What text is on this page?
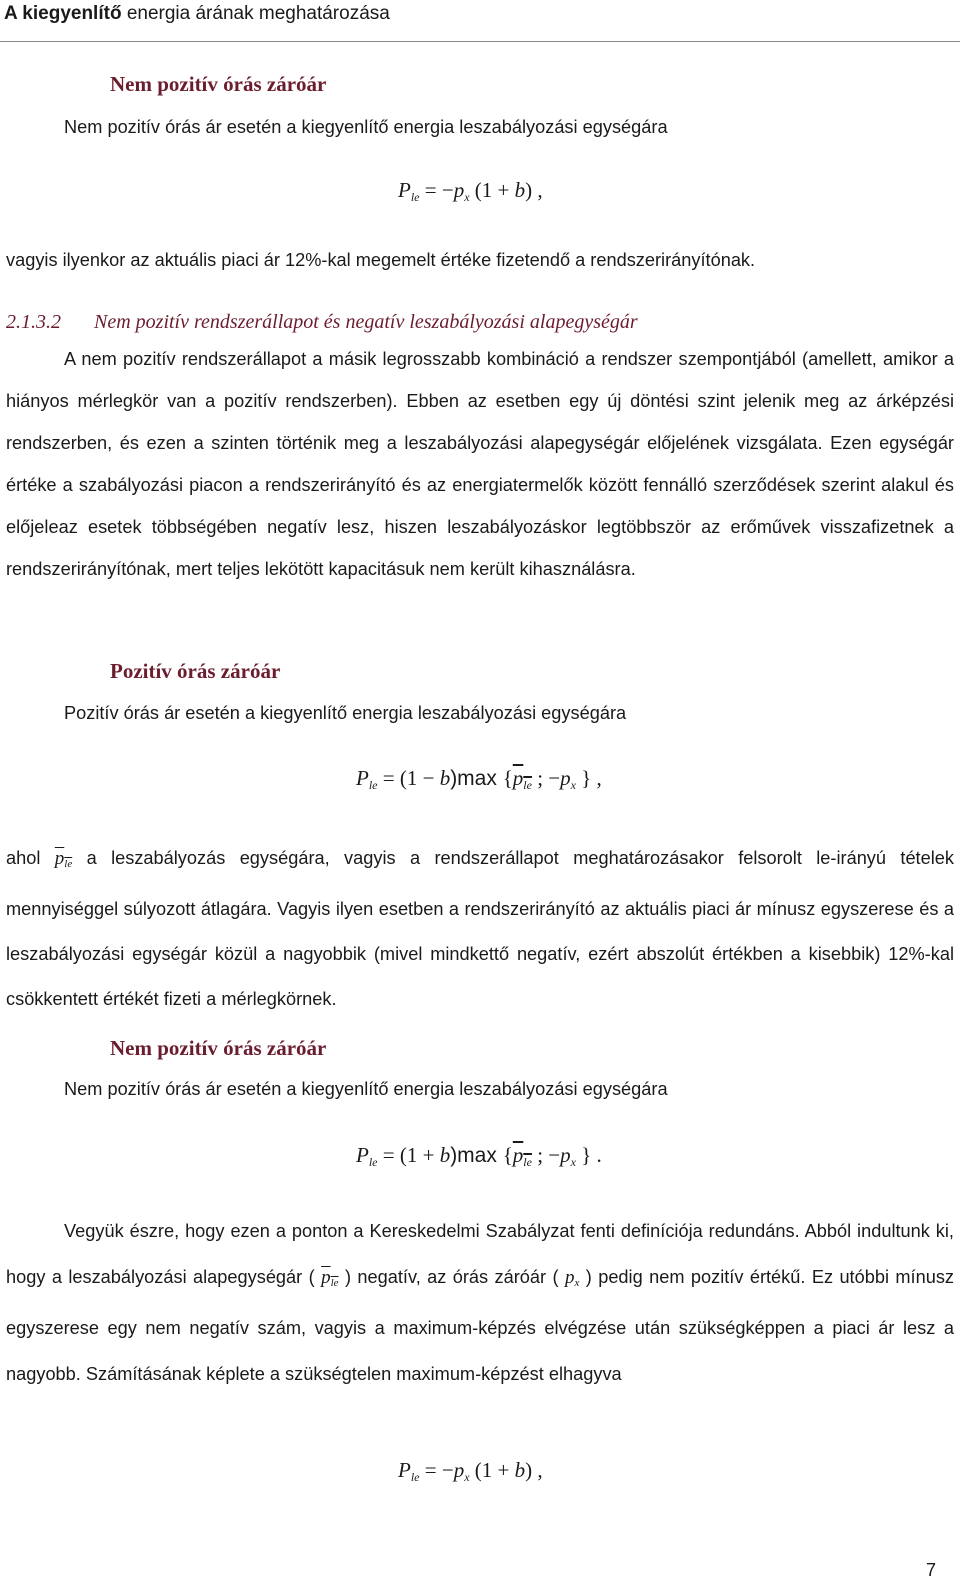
A kiegyenlítő energia árának meghatározása
Nem pozitív órás záróár
Nem pozitív órás ár esetén a kiegyenlítő energia leszabályozási egységára
$P_{le} = -p_x$ (1 + b) ,
vagyis ilyenkor az aktuális piaci ár 12%-kal megemelt értéke fizetendő a rendszerirányítónak.
2.1.3.2 Nem pozitív rendszerállapot és negatív leszabályozási alapegységár

A nem pozitív rendszerállapot a másik legrosszabb kombináció a rendszer szempontjából (amellett, amikor a hiányos mérlegkör van a pozitív rendszerben). Ebben az esetben egy új döntési szint jelenik meg az árképzési rendszerben, és ezen a szinten történik meg a leszabályozási alapegységár előjelének vizsgálata. Ezen egységár értéke a szabályozási piacon a rendszerirányító és az energiatermelők között fennálló szerződések szerint alakul és előjeleaz esetek többségében negatív lesz, hiszen leszabályozáskor legtöbbször az erőművek visszafizetnek a rendszerirányítónak, mert teljes lekötött kapacitásuk nem került kihasználásra.

Pozitív órás záróár
Pozitív órás ár esetén a kiegyenlítő energia leszabályozási egységára
$P_{le} = (1 - b)\max$ {$p_{le}$ ; $-p_x$ } ,

ahol $p_{le}$ a leszabályozás egységára, vagyis a rendszerállapot meghatározásakor felsorolt le-irányú tételek mennyiséggel súlyozott átlagára. Vagyis ilyen esetben a rendszerirányító az aktuális piaci ár mínusz egyszerese és a leszabályozási egységár közül a nagyobbik (mivel mindkettő negatív, ezért abszolút értékben a kisebbik) 12%-kal csökkentett értékét fizeti a mérlegkörnek.

Nem pozitív órás záróár
Nem pozitív órás ár esetén a kiegyenlítő energia leszabályozási egységára
$P_{le} = (1 + b)\max$ {$p_{le}$ ; $-p_x$ } .

Vegyük észre, hogy ezen a ponton a Kereskedelmi Szabályzat fenti definíciója redundáns. Abból indultunk ki, hogy a leszabályozási alapegységár ( $p_{le}$ ) negatív, az órás záróár ( $p_x$ ) pedig nem pozitív értékű. Ez utóbbi mínusz egyszerese egy nem negatív szám, vagyis a maximum-képzés elvégzése után szükségképpen a piaci ár lesz a nagyobb. Számításának képlete a szükségtelen maximum-képzést elhagyva

$P_{le} = -p_x$ (1 + b) ,
7
